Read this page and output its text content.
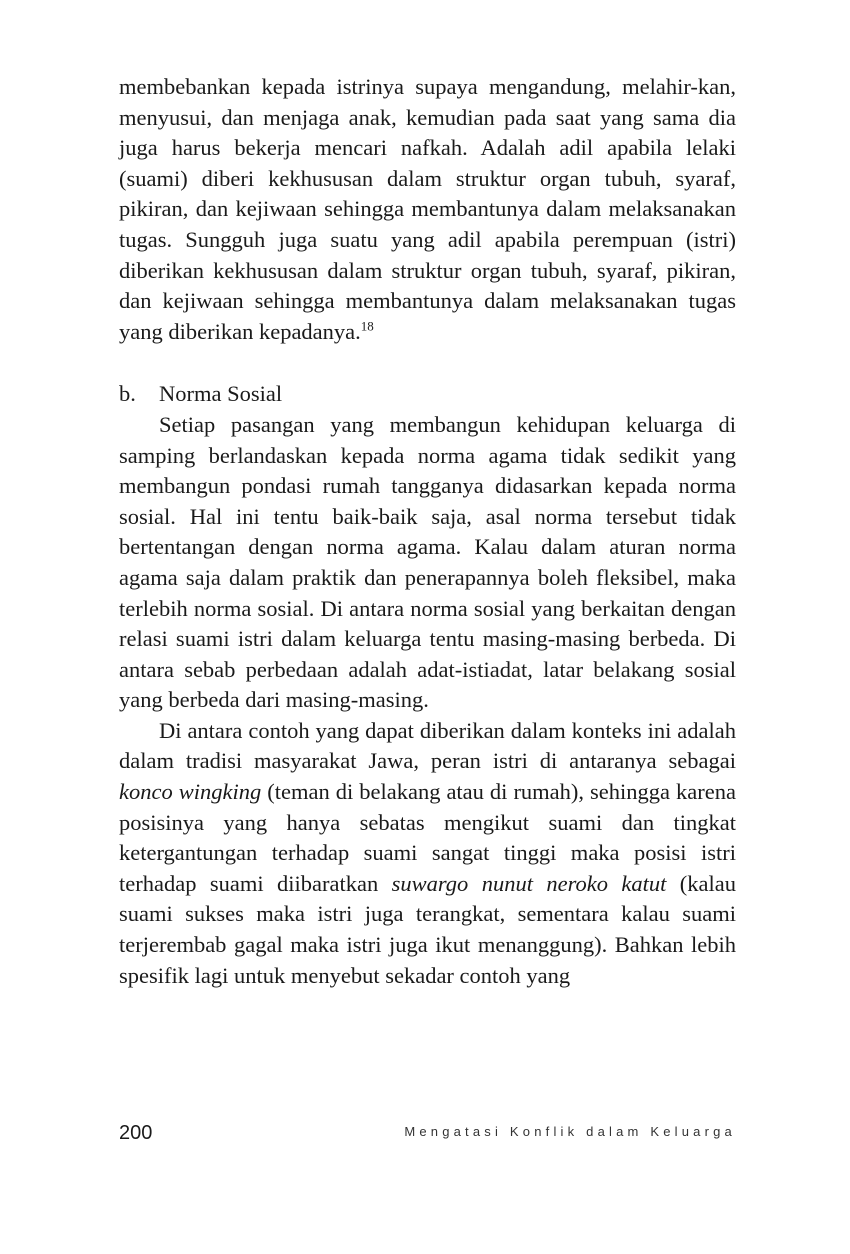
membebankan kepada istrinya supaya mengandung, melahir-kan, menyusui, dan menjaga anak, kemudian pada saat yang sama dia juga harus bekerja mencari nafkah. Adalah adil apabila lelaki (suami) diberi kekhususan dalam struktur organ tubuh, syaraf, pikiran, dan kejiwaan sehingga membantunya dalam melaksanakan tugas. Sungguh juga suatu yang adil apabila perempuan (istri) diberikan kekhususan dalam struktur organ tubuh, syaraf, pikiran, dan kejiwaan sehingga membantunya dalam melaksanakan tugas yang diberikan kepadanya.$^{18}$

b.	Norma Sosial

Setiap pasangan yang membangun kehidupan keluarga di samping berlandaskan kepada norma agama tidak sedikit yang membangun pondasi rumah tangganya didasarkan kepada norma sosial. Hal ini tentu baik-baik saja, asal norma tersebut tidak bertentangan dengan norma agama. Kalau dalam aturan norma agama saja dalam praktik dan penerapannya boleh fleksibel, maka terlebih norma sosial. Di antara norma sosial yang berkaitan dengan relasi suami istri dalam keluarga tentu masing-masing berbeda. Di antara sebab perbedaan adalah adat-istiadat, latar belakang sosial yang berbeda dari masing-masing.

Di antara contoh yang dapat diberikan dalam konteks ini adalah dalam tradisi masyarakat Jawa, peran istri di antaranya sebagai konco wingking (teman di belakang atau di rumah), sehingga karena posisinya yang hanya sebatas mengikut suami dan tingkat ketergantungan terhadap suami sangat tinggi maka posisi istri terhadap suami diibaratkan suwargo nunut neroko katut (kalau suami sukses maka istri juga terangkat, sementara kalau suami terjerembab gagal maka istri juga ikut menanggung). Bahkan lebih spesifik lagi untuk menyebut sekadar contoh yang

200	Mengatasi Konflik dalam Keluarga
